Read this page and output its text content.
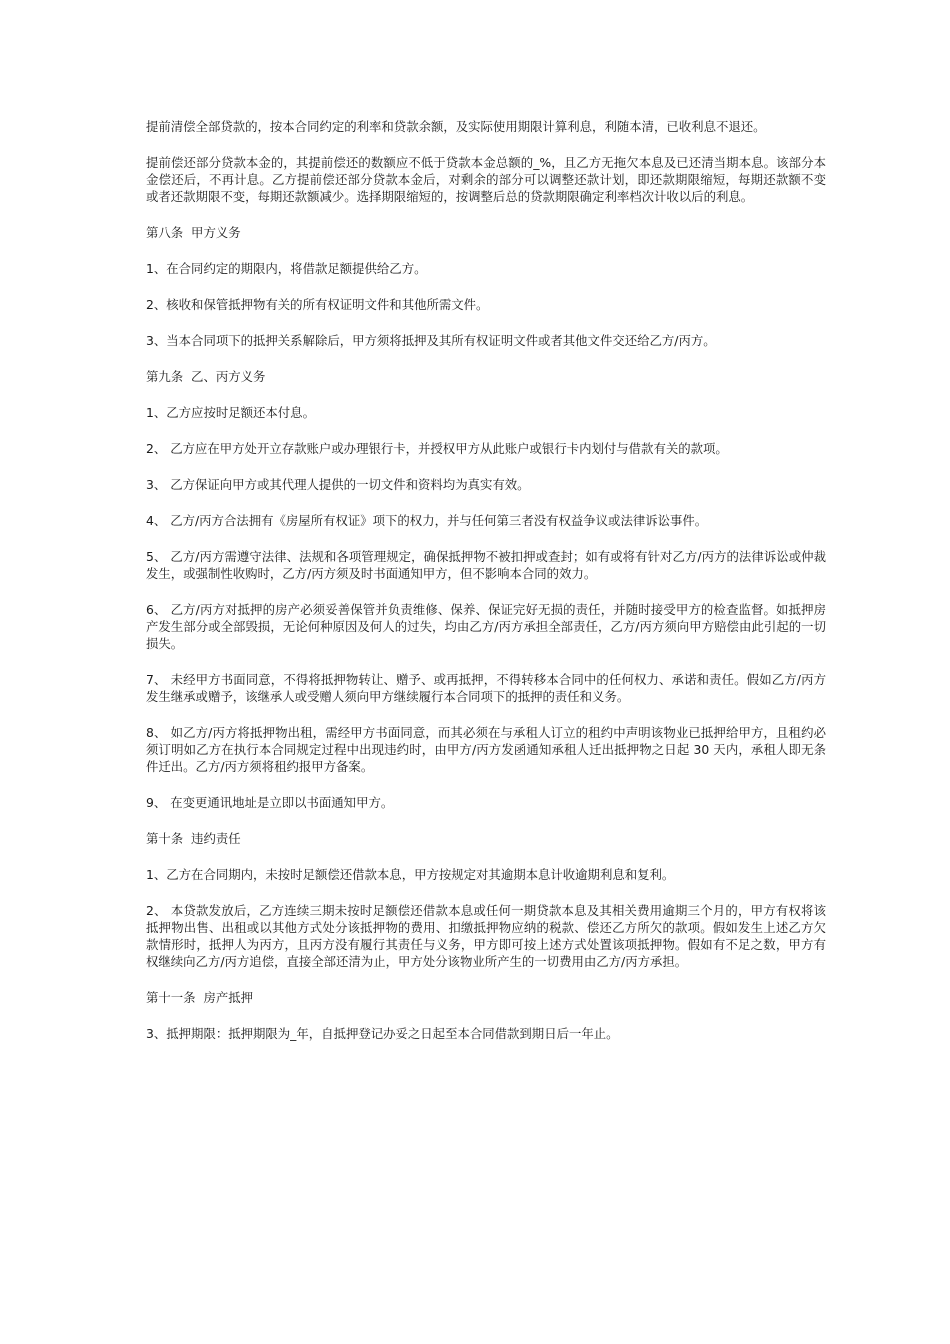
提前清偿全部贷款的，按本合同约定的利率和贷款余额，及实际使用期限计算利息，利随本清，已收利息不退还。

提前偿还部分贷款本金的，其提前偿还的数额应不低于贷款本金总额的_%，且乙方无拖欠本息及已还清当期本息。该部分本金偿还后，不再计息。乙方提前偿还部分贷款本金后，对剩余的部分可以调整还款计划，即还款期限缩短，每期还款额不变或者还款期限不变，每期还款额减少。选择期限缩短的，按调整后总的贷款期限确定利率档次计收以后的利息。

第八条  甲方义务

1、在合同约定的期限内，将借款足额提供给乙方。

2、核收和保管抵押物有关的所有权证明文件和其他所需文件。

3、当本合同项下的抵押关系解除后，甲方须将抵押及其所有权证明文件或者其他文件交还给乙方/丙方。

第九条  乙、丙方义务

1、乙方应按时足额还本付息。

2、 乙方应在甲方处开立存款账户或办理银行卡，并授权甲方从此账户或银行卡内划付与借款有关的款项。

3、 乙方保证向甲方或其代理人提供的一切文件和资料均为真实有效。

4、 乙方/丙方合法拥有《房屋所有权证》项下的权力，并与任何第三者没有权益争议或法律诉讼事件。

5、 乙方/丙方需遵守法律、法规和各项管理规定，确保抵押物不被扣押或查封；如有或将有针对乙方/丙方的法律诉讼或仲裁发生，或强制性收购时，乙方/丙方须及时书面通知甲方，但不影响本合同的效力。

6、 乙方/丙方对抵押的房产必须妥善保管并负责维修、保养、保证完好无损的责任，并随时接受甲方的检查监督。如抵押房产发生部分或全部毁损，无论何种原因及何人的过失，均由乙方/丙方承担全部责任，乙方/丙方须向甲方赔偿由此引起的一切损失。

7、 未经甲方书面同意，不得将抵押物转让、赠予、或再抵押，不得转移本合同中的任何权力、承诺和责任。假如乙方/丙方发生继承或赠予，该继承人或受赠人须向甲方继续履行本合同项下的抵押的责任和义务。

8、 如乙方/丙方将抵押物出租，需经甲方书面同意，而其必须在与承租人订立的租约中声明该物业已抵押给甲方，且租约必须订明如乙方在执行本合同规定过程中出现违约时，由甲方/丙方发函通知承租人迁出抵押物之日起 30 天内，承租人即无条件迁出。乙方/丙方须将租约报甲方备案。

9、 在变更通讯地址是立即以书面通知甲方。

第十条  违约责任

1、乙方在合同期内，未按时足额偿还借款本息，甲方按规定对其逾期本息计收逾期利息和复利。

2、 本贷款发放后，乙方连续三期未按时足额偿还借款本息或任何一期贷款本息及其相关费用逾期三个月的，甲方有权将该抵押物出售、出租或以其他方式处分该抵押物的费用、扣缴抵押物应纳的税款、偿还乙方所欠的款项。假如发生上述乙方欠款情形时，抵押人为丙方，且丙方没有履行其责任与义务，甲方即可按上述方式处置该项抵押物。假如有不足之数，甲方有权继续向乙方/丙方追偿，直接全部还清为止，甲方处分该物业所产生的一切费用由乙方/丙方承担。

第十一条  房产抵押

3、抵押期限：抵押期限为_年，自抵押登记办妥之日起至本合同借款到期日后一年止。
